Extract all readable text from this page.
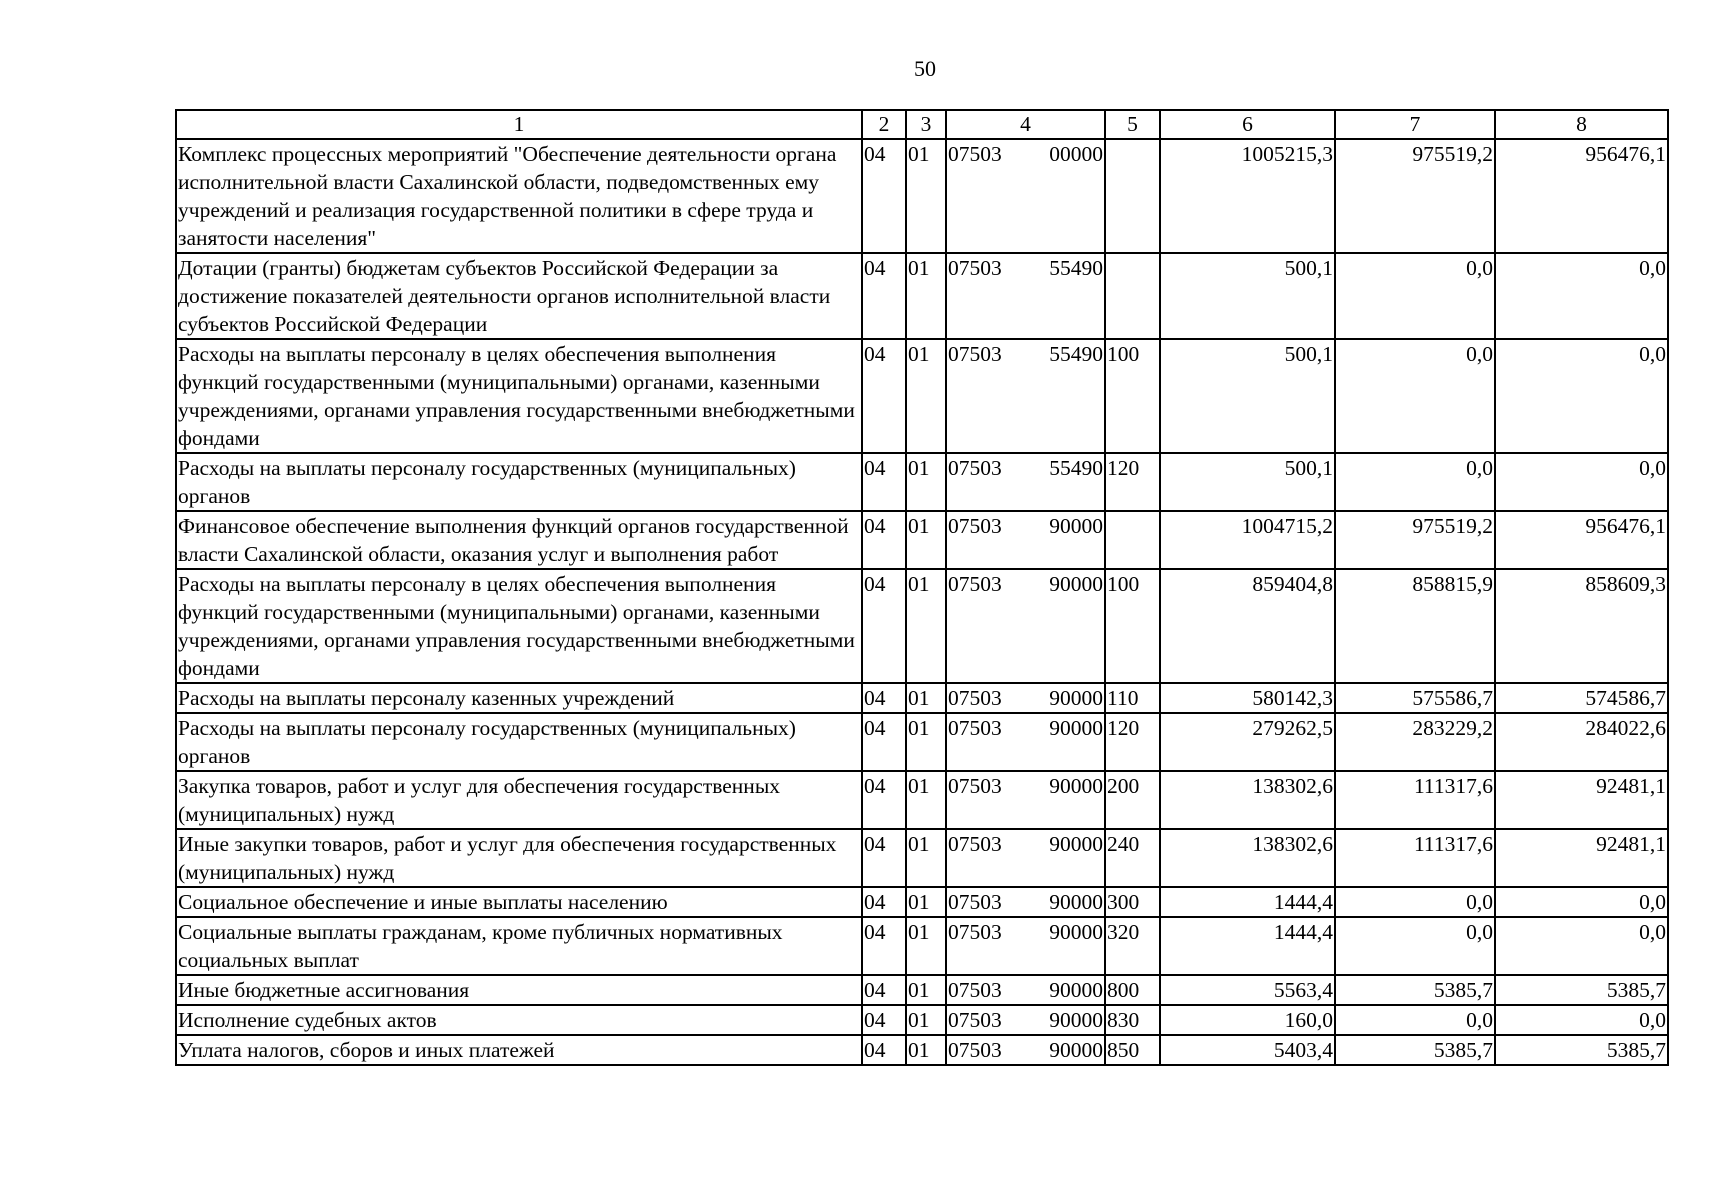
50
1	2	3	4	5	6	7	8
Комплекс процессных мероприятий "Обеспечение деятельности органа исполнительной власти Сахалинской области, подведомственных ему учреждений и реализация государственной политики в сфере труда и занятости населения"	04	01	07503 00000		1005215,3	975519,2	956476,1
Дотации (гранты) бюджетам субъектов Российской Федерации за достижение показателей деятельности органов исполнительной власти субъектов Российской Федерации	04	01	07503 55490		500,1	0,0	0,0
Расходы на выплаты персоналу в целях обеспечения выполнения функций государственными (муниципальными) органами, казенными учреждениями, органами управления государственными внебюджетными фондами	04	01	07503 55490	100	500,1	0,0	0,0
Расходы на выплаты персоналу государственных (муниципальных) органов	04	01	07503 55490	120	500,1	0,0	0,0
Финансовое обеспечение выполнения функций органов государственной власти Сахалинской области, оказания услуг и выполнения работ	04	01	07503 90000		1004715,2	975519,2	956476,1
Расходы на выплаты персоналу в целях обеспечения выполнения функций государственными (муниципальными) органами, казенными учреждениями, органами управления государственными внебюджетными фондами	04	01	07503 90000	100	859404,8	858815,9	858609,3
Расходы на выплаты персоналу казенных учреждений	04	01	07503 90000	110	580142,3	575586,7	574586,7
Расходы на выплаты персоналу государственных (муниципальных) органов	04	01	07503 90000	120	279262,5	283229,2	284022,6
Закупка товаров, работ и услуг для обеспечения государственных (муниципальных) нужд	04	01	07503 90000	200	138302,6	111317,6	92481,1
Иные закупки товаров, работ и услуг для обеспечения государственных (муниципальных) нужд	04	01	07503 90000	240	138302,6	111317,6	92481,1
Социальное обеспечение и иные выплаты населению	04	01	07503 90000	300	1444,4	0,0	0,0
Социальные выплаты гражданам, кроме публичных нормативных социальных выплат	04	01	07503 90000	320	1444,4	0,0	0,0
Иные бюджетные ассигнования	04	01	07503 90000	800	5563,4	5385,7	5385,7
Исполнение судебных актов	04	01	07503 90000	830	160,0	0,0	0,0
Уплата налогов, сборов и иных платежей	04	01	07503 90000	850	5403,4	5385,7	5385,7
